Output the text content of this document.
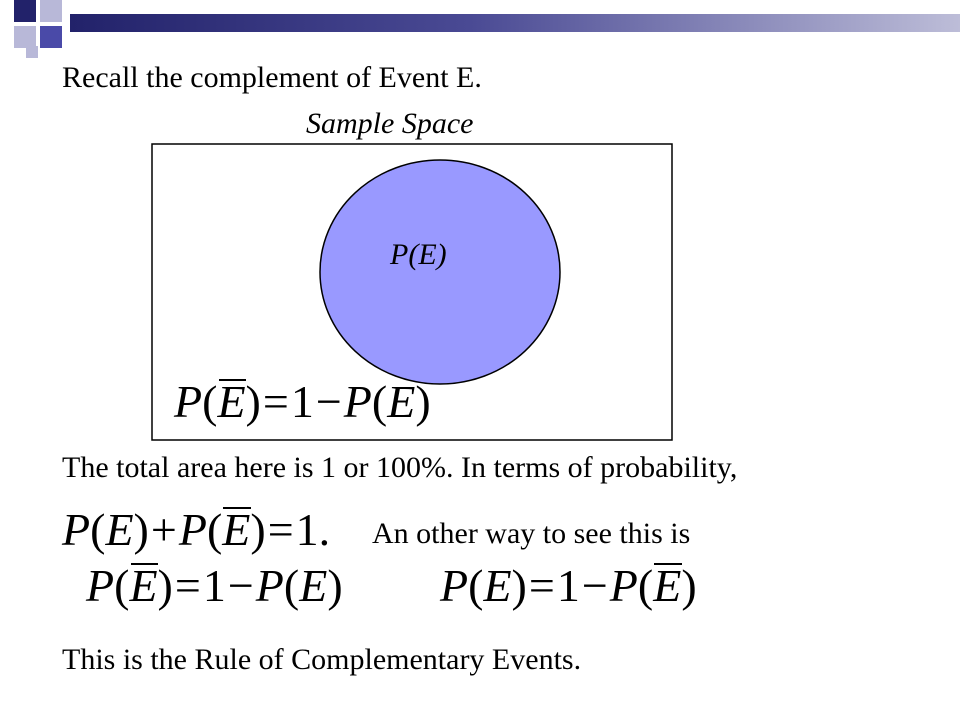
Recall the complement of Event E.
Sample Space
P(E)
P ( E ) = 1 − P ( E )
The total area here is 1 or 100%. In terms of probability,
P ( E ) + P ( E ) = 1. An other way to see this is
P ( E ) = 1 − P ( E ) P ( E ) = 1 − P ( E )
This is the Rule of Complementary Events.
